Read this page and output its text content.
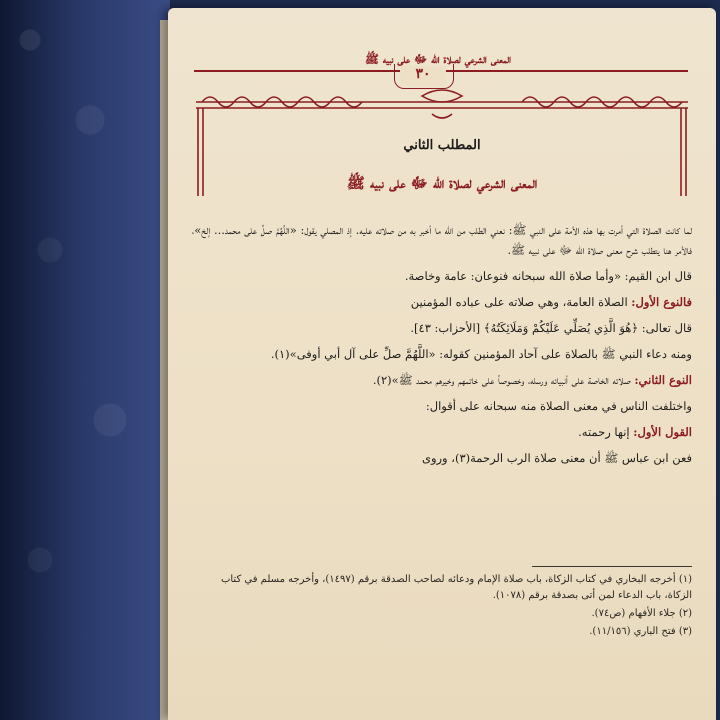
المعنى الشرعي لصلاة الله ﷻ على نبيه ﷺ
٣٠
المطلب الثاني
المعنى الشرعي لصلاة الله ﷻ على نبيه ﷺ

لما كانت الصلاة التي أمرت بها هذه الأمة على النبي ﷺ: نعني الطلب من الله ما أخبر به من صلاته عليه. إذ المصلي يقول: «اللَّهُمَّ صلِّ على محمد... إلخ»، فالأمر هنا يتطلب شرح معنى صلاة الله ﷻ على نبيه ﷺ.

قال ابن القيم: «وأما صلاة الله سبحانه فنوعان: عامة وخاصة.

فالنوع الأول: الصلاة العامة، وهي صلاته على عباده المؤمنين

قال تعالى: ﴿هُوَ الَّذِي يُصَلِّي عَلَيْكُمْ وَمَلَائِكَتُهُ﴾ [الأحزاب: ٤٣].

ومنه دعاء النبي ﷺ بالصلاة على آحاد المؤمنين كقوله: «اللَّهُمَّ صلِّ على آل أبي أوفى»(١).

النوع الثاني: صلاته الخاصة على أنبيائه ورسله، وخصوصاً على خاتمهم وخيرهم محمد ﷺ»(٢).

واختلفت الناس في معنى الصلاة منه سبحانه على أقوال:

القول الأول: إنها رحمته.

فعن ابن عباس ﷺ أن معنى صلاة الرب الرحمة(٣)، وروى

(١) أخرجه البخاري في كتاب الزكاة، باب صلاة الإمام ودعائه لصاحب الصدقة برقم (١٤٩٧)، وأخرجه مسلم في كتاب الزكاة، باب الدعاء لمن أتى بصدقة برقم (١٠٧٨).

(٢) جلاء الأفهام (ص٧٤).

(٣) فتح الباري (١١/١٥٦).
